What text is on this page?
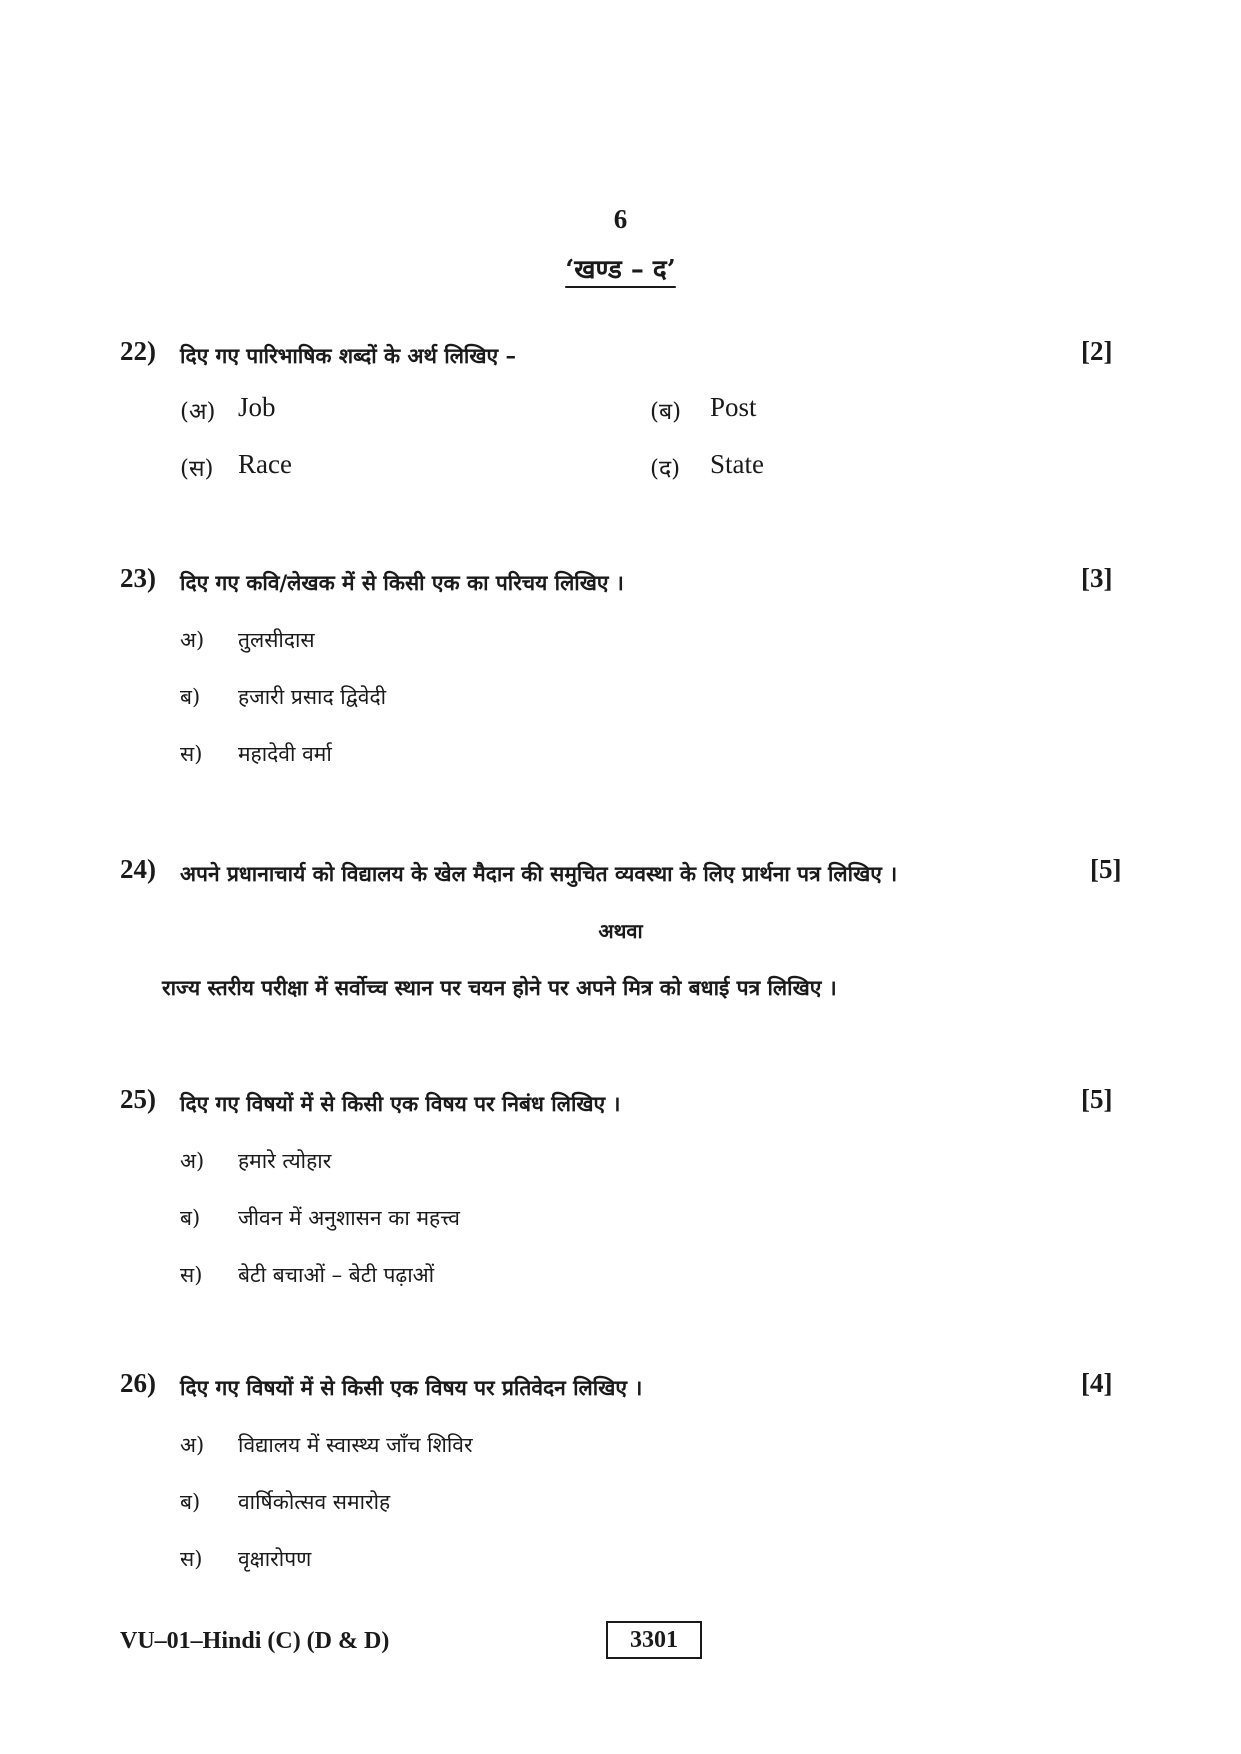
6
‘खण्ड – द’
22) दिए गए पारिभाषिक शब्दों के अर्थ लिखिए –	[2]
(अ) Job	(ब) Post
(स) Race	(द) State
23) दिए गए कवि/लेखक में से किसी एक का परिचय लिखिए ।	[3]
अ) तुलसीदास
ब) हजारी प्रसाद द्विवेदी
स) महादेवी वर्मा
24) अपने प्रधानाचार्य को विद्यालय के खेल मैदान की समुचित व्यवस्था के लिए प्रार्थना पत्र लिखिए ।	[5]
अथवा
राज्य स्तरीय परीक्षा में सर्वोच्च स्थान पर चयन होने पर अपने मित्र को बधाई पत्र लिखिए ।
25) दिए गए विषयों में से किसी एक विषय पर निबंध लिखिए ।	[5]
अ) हमारे त्योहार
ब) जीवन में अनुशासन का महत्त्व
स) बेटी बचाओं – बेटी पढ़ाओं
26) दिए गए विषयों में से किसी एक विषय पर प्रतिवेदन लिखिए ।	[4]
अ) विद्यालय में स्वास्थ्य जाँच शिविर
ब) वार्षिकोत्सव समारोह
स) वृक्षारोपण
VU–01–Hindi (C) (D & D)	3301
